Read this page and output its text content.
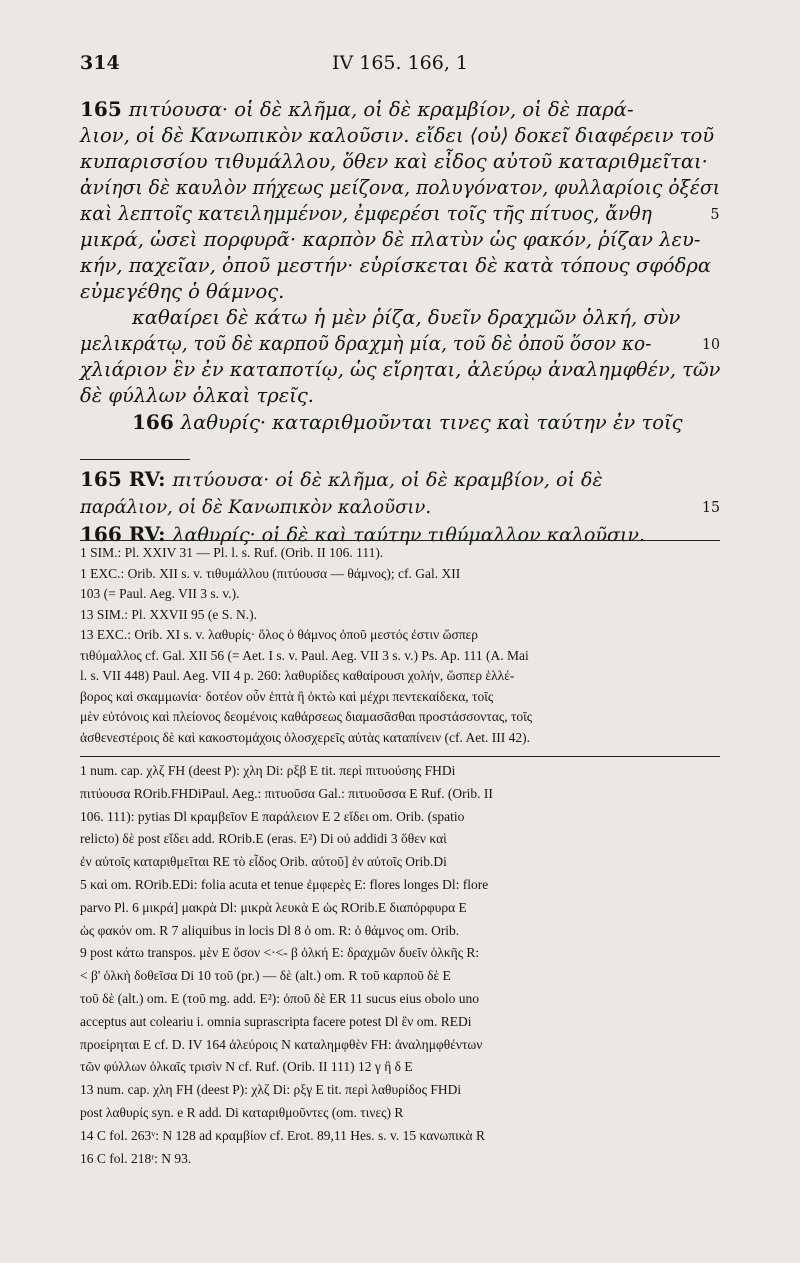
314	IV 165. 166, 1
165 πιτύουσα· οἱ δὲ κλῆμα, οἱ δὲ κραμβίον, οἱ δὲ παρά-
λιον, οἱ δὲ Κανωπικὸν καλοῦσιν. εἴδει ⟨οὐ⟩ δοκεῖ διαφέρειν τοῦ
κυπαρισσίου τιθυμάλλου, ὅθεν καὶ εἶδος αὐτοῦ καταριθμεῖται·
ἀνίησι δὲ καυλὸν πήχεως μείζονα, πολυγόνατον, φυλλαρίοις ὀξέσι
καὶ λεπτοῖς κατειλημμένον, ἐμφερέσι τοῖς τῆς πίτυος, ἄνθη	5
μικρά, ὡσεὶ πορφυρᾶ· καρπὸν δὲ πλατὺν ὡς φακόν, ῥίζαν λευ-
κήν, παχεῖαν, ὀποῦ μεστήν· εὑρίσκεται δὲ κατὰ τόπους σφόδρα
εὐμεγέθης ὁ θάμνος.
καθαίρει δὲ κάτω ἡ μὲν ῥίζα, δυεῖν δραχμῶν ὁλκή, σὺν
μελικράτῳ, τοῦ δὲ καρποῦ δραχμὴ μία, τοῦ δὲ ὀποῦ ὅσον κο-	10
χλιάριον ἓν ἐν καταποτίῳ, ὡς εἴρηται, ἀλεύρῳ ἀναλημφθέν, τῶν
δὲ φύλλων ὁλκαὶ τρεῖς.
166 λαθυρίς· καταριθμοῦνται τινες καὶ ταύτην ἐν τοῖς
165 RV: πιτύουσα· οἱ δὲ κλῆμα, οἱ δὲ κραμβίον, οἱ δὲ
παράλιον, οἱ δὲ Κανωπικὸν καλοῦσιν.	15
166 RV: λαθυρίς· οἱ δὲ καὶ ταύτην τιθύμαλλον καλοῦσιν.
1 SIM.: Pl. XXIV 31 — Pl. l. s. Ruf. (Orib. II 106. 111).
1 EXC.: Orib. XII s. v. τιθυμάλλου (πιτύουσα — θάμνος); cf. Gal. XII
103 (= Paul. Aeg. VII 3 s. v.).
13 SIM.: Pl. XXVII 95 (e S. N.).
13 EXC.: Orib. XI s. v. λαθυρίς· ὅλος ὁ θάμνος ὀποῦ μεστός ἐστιν ὥσπερ
τιθύμαλλος cf. Gal. XII 56 (= Aet. I s. v. Paul. Aeg. VII 3 s. v.) Ps. Ap. 111 (A. Mai
l. s. VII 448) Paul. Aeg. VII 4 p. 260: λαθυρίδες καθαίρουσι χολήν, ὥσπερ ἑλλέ-
βορος καὶ σκαμμωνία· δοτέον οὖν ἑπτὰ ἢ ὀκτὼ καὶ μέχρι πεντεκαίδεκα, τοῖς
μὲν εὐτόνοις καὶ πλείονος δεομένοις καθάρσεως διαμασᾶσθαι προστάσσοντας, τοῖς
ἀσθενεστέροις δὲ καὶ κακοστομάχοις ὁλοσχερεῖς αὐτὰς καταπίνειν (cf. Aet. III 42).
1 num. cap. χλζ FH (deest P): χλη Di: ρξβ E tit. περὶ πιτυούσης FHDi
πιτύουσα ROrib.FHDiPaul. Aeg.: πιτυοῦσα Gal.: πιτυοῦσσα E Ruf. (Orib. II
106. 111): pytias Dl κραμβεῖον E παράλειον E 2 εἴδει om. Orib. (spatio
relicto) δὲ post εἴδει add. ROrib.E (eras. E²) Di οὐ addidi 3 ὅθεν καὶ
ἐν αὐτοῖς καταριθμεῖται RE τὸ εἶδος Orib. αὐτοῦ] ἐν αὐτοῖς Orib.Di
5 καὶ om. ROrib.EDi: folia acuta et tenue ἐμφερὲς E: flores longes Dl: flore
parvo Pl. 6 μικρά] μακρὰ Dl: μικρὰ λευκὰ E ὡς ROrib.E διαπόρφυρα E
ὡς φακόν om. R 7 aliquibus in locis Dl 8 ὁ om. R: ὁ θάμνος om. Orib.
9 post κάτω transpos. μὲν E ὅσον <·<- β ὁλκή E: δραχμῶν δυεῖν ὁλκῆς R:
< β' ὁλκὴ δοθεῖσα Di 10 τοῦ (pr.) — δὲ (alt.) om. R τοῦ καρποῦ δὲ E
τοῦ δὲ (alt.) om. E (τοῦ mg. add. E²): ὀποῦ δὲ ER 11 sucus eius obolo uno
acceptus aut coleariu i. omnia suprascripta facere potest Dl ἓν om. REDi
προείρηται E cf. D. IV 164 ἀλεύροις N καταλημφθὲν FH: ἀναλημφθέντων
τῶν φύλλων ὁλκαῖς τρισὶν N cf. Ruf. (Orib. II 111) 12 γ ἢ δ E
13 num. cap. χλη FH (deest P): χλζ Di: ρξγ E tit. περὶ λαθυρίδος FHDi
post λαθυρίς syn. e R add. Di καταριθμοῦντες (om. τινες) R
14 C fol. 263ᵛ: N 128 ad κραμβίον cf. Erot. 89,11 Hes. s. v. 15 κανωπικὰ R
16 C fol. 218ʳ: N 93.
